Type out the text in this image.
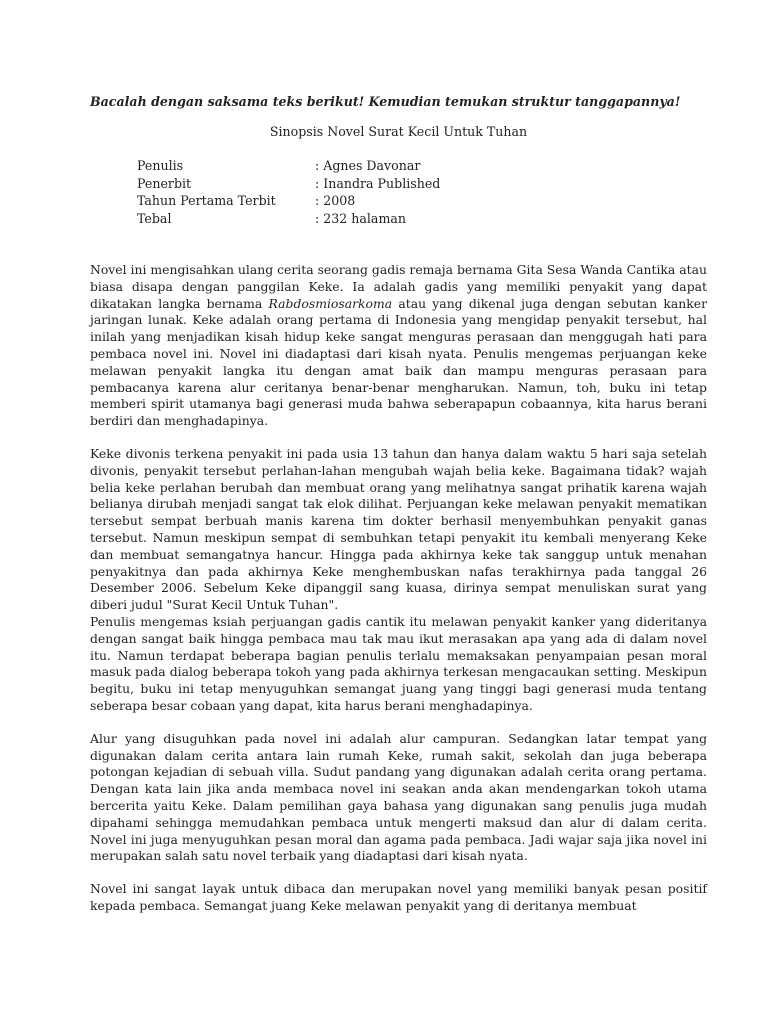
Bacalah dengan saksama teks berikut! Kemudian temukan struktur tanggapannya!

Sinopsis Novel Surat Kecil Untuk Tuhan

Penulis	: Agnes Davonar
Penerbit	: Inandra Published
Tahun Pertama Terbit	: 2008
Tebal	: 232 halaman

Novel ini mengisahkan ulang cerita seorang gadis remaja bernama Gita Sesa Wanda Cantika atau biasa disapa dengan panggilan Keke. Ia adalah gadis yang memiliki penyakit yang dapat dikatakan langka bernama Rabdosmiosarkoma atau yang dikenal juga dengan sebutan kanker jaringan lunak. Keke adalah orang pertama di Indonesia yang mengidap penyakit tersebut, hal inilah yang menjadikan kisah hidup keke sangat menguras perasaan dan menggugah hati para pembaca novel ini. Novel ini diadaptasi dari kisah nyata. Penulis mengemas perjuangan keke melawan penyakit langka itu dengan amat baik dan mampu menguras perasaan para pembacanya karena alur ceritanya benar-benar mengharukan. Namun, toh, buku ini tetap memberi spirit utamanya bagi generasi muda bahwa seberapapun cobaannya, kita harus berani berdiri dan menghadapinya.

Keke divonis terkena penyakit ini pada usia 13 tahun dan hanya dalam waktu 5 hari saja setelah divonis, penyakit tersebut perlahan-lahan mengubah wajah belia keke. Bagaimana tidak? wajah belia keke perlahan berubah dan membuat orang yang melihatnya sangat prihatik karena wajah belianya dirubah menjadi sangat tak elok dilihat. Perjuangan keke melawan penyakit mematikan tersebut sempat berbuah manis karena tim dokter berhasil menyembuhkan penyakit ganas tersebut. Namun meskipun sempat di sembuhkan tetapi penyakit itu kembali menyerang Keke dan membuat semangatnya hancur. Hingga pada akhirnya keke tak sanggup untuk menahan penyakitnya dan pada akhirnya Keke menghembuskan nafas terakhirnya pada tanggal 26 Desember 2006. Sebelum Keke dipanggil sang kuasa, dirinya sempat menuliskan surat yang diberi judul "Surat Kecil Untuk Tuhan".

Penulis mengemas ksiah perjuangan gadis cantik itu melawan penyakit kanker yang dideritanya dengan sangat baik hingga pembaca mau tak mau ikut merasakan apa yang ada di dalam novel itu. Namun terdapat beberapa bagian penulis terlalu memaksakan penyampaian pesan moral masuk pada dialog beberapa tokoh yang pada akhirnya terkesan mengacaukan setting. Meskipun begitu, buku ini tetap menyuguhkan semangat juang yang tinggi bagi generasi muda tentang seberapa besar cobaan yang dapat, kita harus berani menghadapinya.

Alur yang disuguhkan pada novel ini adalah alur campuran. Sedangkan latar tempat yang digunakan dalam cerita antara lain rumah Keke, rumah sakit, sekolah dan juga beberapa potongan kejadian di sebuah villa. Sudut pandang yang digunakan adalah cerita orang pertama. Dengan kata lain jika anda membaca novel ini seakan anda akan mendengarkan tokoh utama bercerita yaitu Keke. Dalam pemilihan gaya bahasa yang digunakan sang penulis juga mudah dipahami sehingga memudahkan pembaca untuk mengerti maksud dan alur di dalam cerita. Novel ini juga menyuguhkan pesan moral dan agama pada pembaca. Jadi wajar saja jika novel ini merupakan salah satu novel terbaik yang diadaptasi dari kisah nyata.

Novel ini sangat layak untuk dibaca dan merupakan novel yang memiliki banyak pesan positif kepada pembaca. Semangat juang Keke melawan penyakit yang di deritanya membuat
